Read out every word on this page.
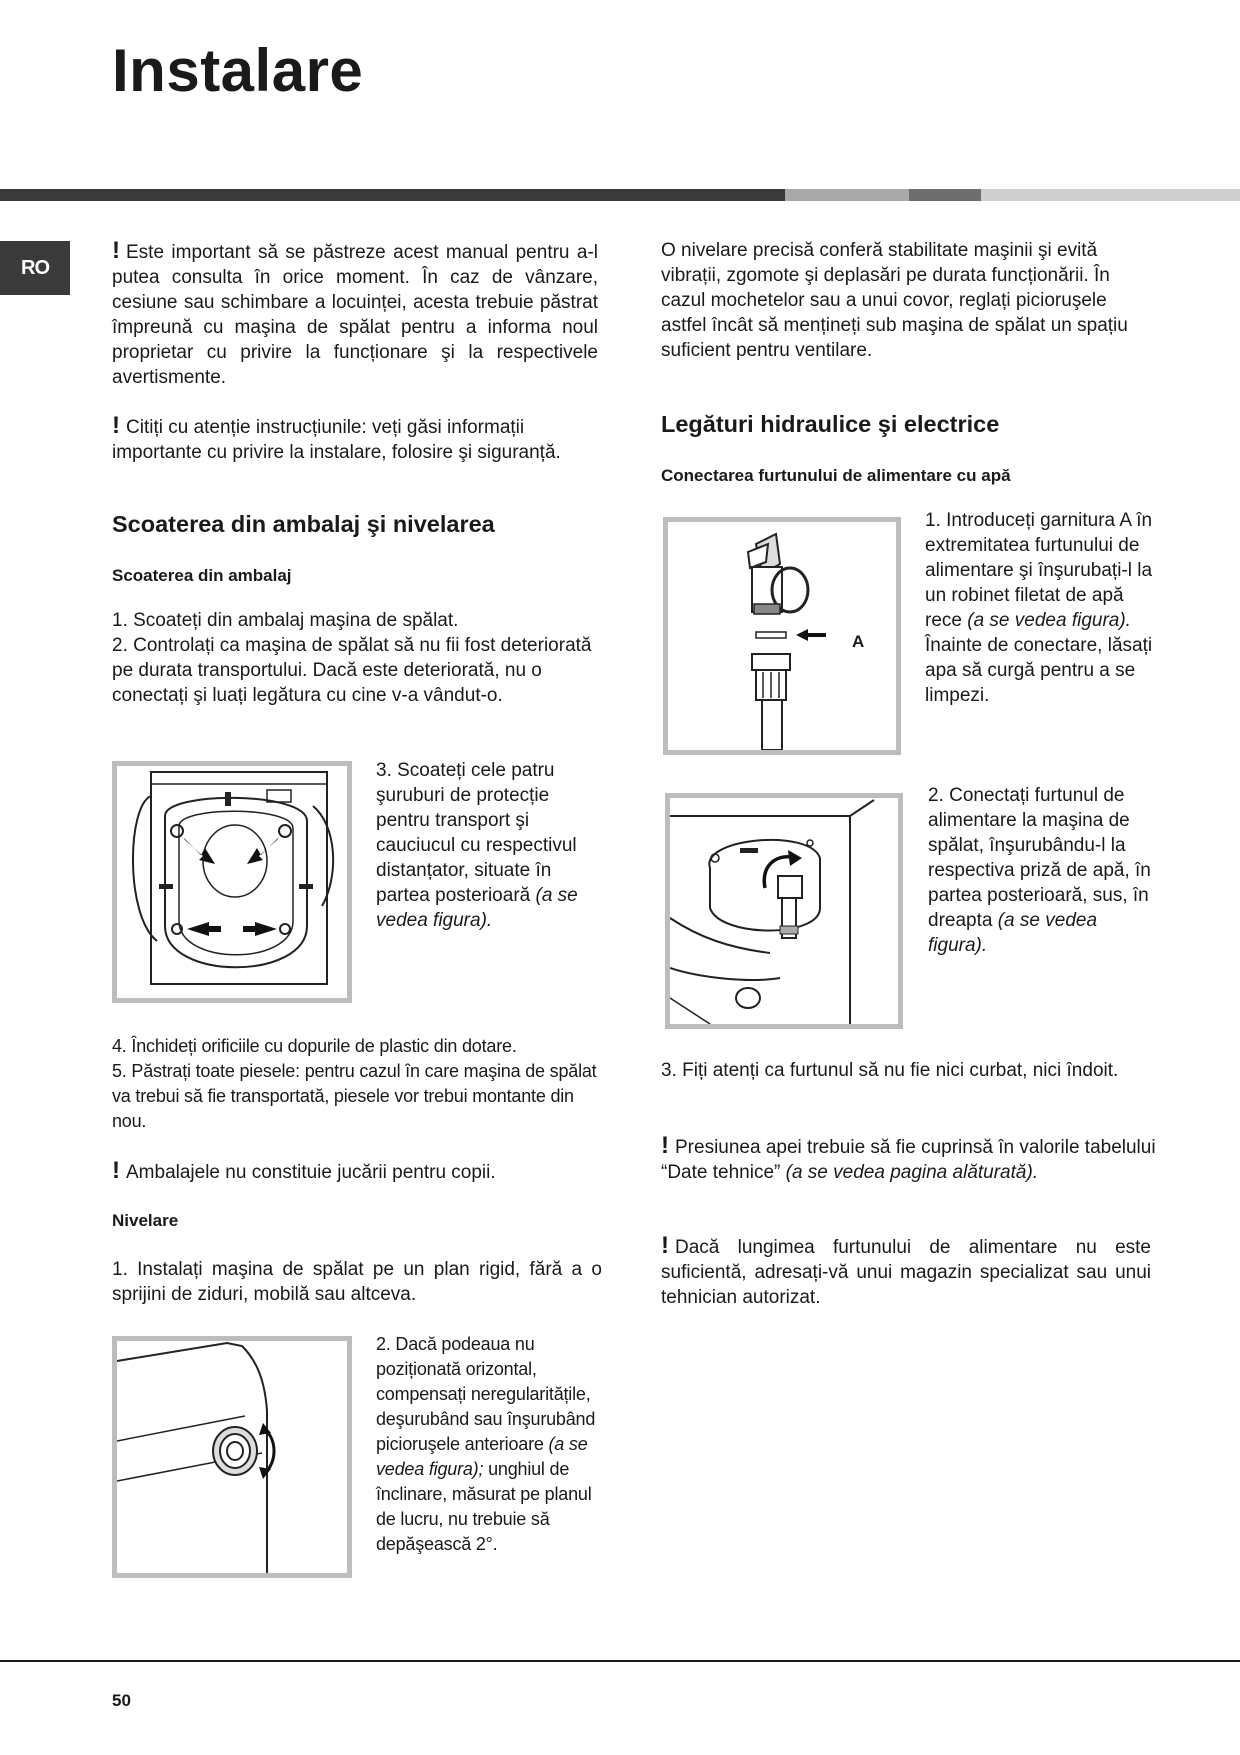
Instalare
RO
! Este important să se păstreze acest manual pentru a-l putea consulta în orice moment. În caz de vânzare, cesiune sau schimbare a locuinței, acesta trebuie păstrat împreună cu maşina de spălat pentru a informa noul proprietar cu privire la funcționare şi la respectivele avertismente.
! Citiți cu atenție instrucțiunile: veți găsi informații importante cu privire la instalare, folosire şi siguranță.
Scoaterea din ambalaj şi nivelarea
Scoaterea din ambalaj
1. Scoateți din ambalaj maşina de spălat.
2. Controlați ca maşina de spălat să nu fii fost deteriorată pe durata transportului. Dacă este deteriorată, nu o conectați şi luați legătura cu cine v-a vândut-o.
3. Scoateți cele patru şuruburi de protecție pentru transport şi cauciucul cu respectivul distanțator, situate în partea posterioară (a se vedea figura).
4. Închideți orificiile cu dopurile de plastic din dotare.
5. Păstrați toate piesele: pentru cazul în care maşina de spălat va trebui să fie transportată, piesele vor trebui montante din nou.
! Ambalajele nu constituie jucării pentru copii.
Nivelare
1. Instalați maşina de spălat pe un plan rigid, fără a o sprijini de ziduri, mobilă sau altceva.
2. Dacă podeaua nu poziționată orizontal, compensați neregularitățile, deşurubând sau înşurubând picioruşele anterioare (a se vedea figura); unghiul de înclinare, măsurat pe planul de lucru, nu trebuie să depăşească 2°.
O nivelare precisă conferă stabilitate maşinii şi evită vibrații, zgomote şi deplasări pe durata funcționării. În cazul mochetelor sau a unui covor, reglați picioruşele astfel încât să mențineți sub maşina de spălat un spațiu suficient pentru ventilare.
Legături hidraulice şi electrice
Conectarea furtunului de alimentare cu apă
A
1. Introduceți garnitura A în extremitatea furtunului de alimentare şi înşurubați-l la un robinet filetat de apă rece (a se vedea figura).
Înainte de conectare, lăsați apa să curgă pentru a se limpezi.
2. Conectați furtunul de alimentare la maşina de spălat, înşurubându-l la respectiva priză de apă, în partea posterioară, sus, în dreapta (a se vedea figura).
3. Fiți atenți ca furtunul să nu fie nici curbat, nici îndoit.
! Presiunea apei trebuie să fie cuprinsă în valorile tabelului “Date tehnice” (a se vedea pagina alăturată).
! Dacă lungimea furtunului de alimentare nu este suficientă, adresați-vă unui magazin specializat sau unui tehnician autorizat.
50
